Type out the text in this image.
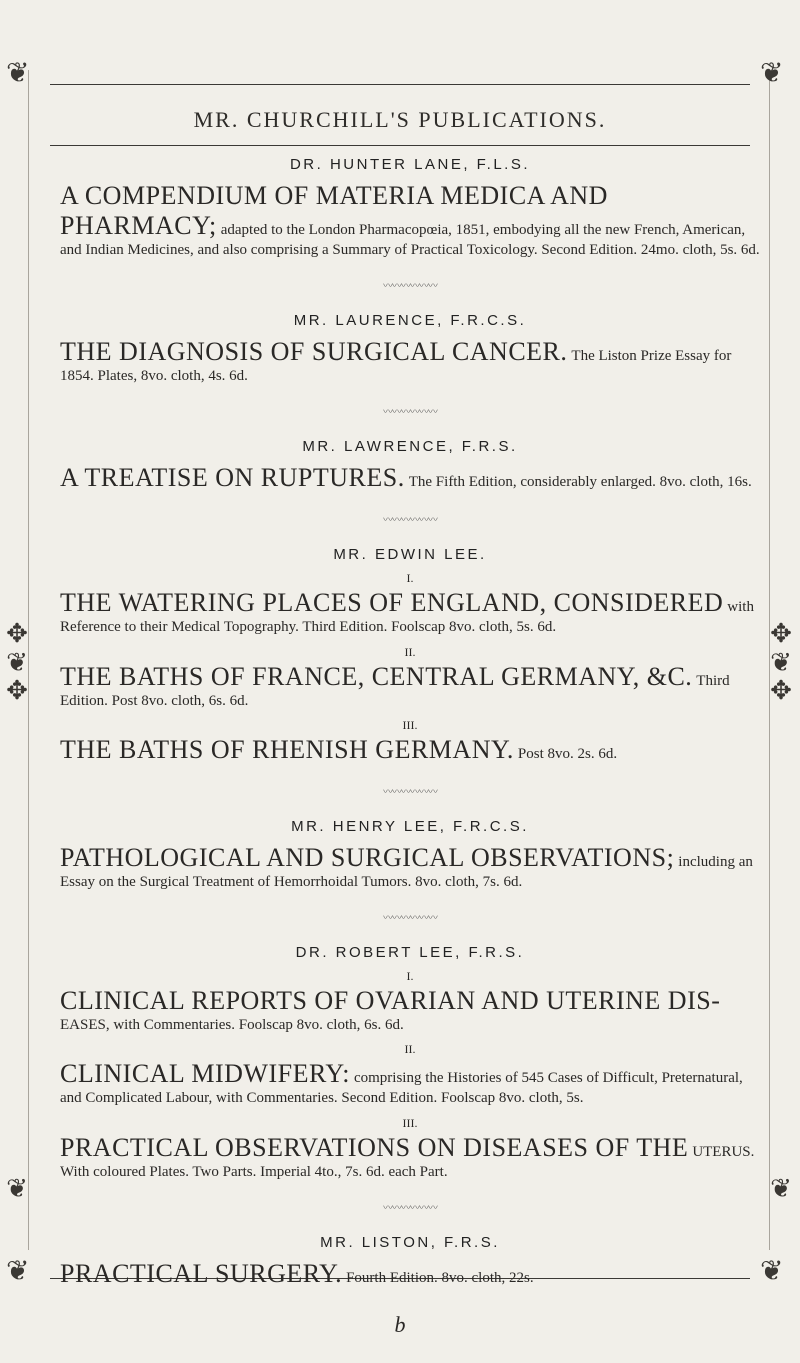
❦	❦
❦	❦
✥
❦
✥
✥
❦
✥
❦	❦
MR. CHURCHILL'S PUBLICATIONS.
DR. HUNTER LANE, F.L.S.
A COMPENDIUM OF MATERIA MEDICA AND PHARMACY; adapted to the London Pharmacopœia, 1851, embodying all the new French, American, and Indian Medicines, and also comprising a Summary of Practical Toxicology. Second Edition. 24mo. cloth, 5s. 6d.
〰〰〰〰〰〰
MR. LAURENCE, F.R.C.S.
THE DIAGNOSIS OF SURGICAL CANCER. The Liston Prize Essay for 1854. Plates, 8vo. cloth, 4s. 6d.
〰〰〰〰〰〰
MR. LAWRENCE, F.R.S.
A TREATISE ON RUPTURES. The Fifth Edition, considerably enlarged. 8vo. cloth, 16s.
〰〰〰〰〰〰
MR. EDWIN LEE.
I.
THE WATERING PLACES OF ENGLAND, CONSIDERED with Reference to their Medical Topography. Third Edition. Foolscap 8vo. cloth, 5s. 6d.
II.
THE BATHS OF FRANCE, CENTRAL GERMANY, &C. Third Edition. Post 8vo. cloth, 6s. 6d.
III.
THE BATHS OF RHENISH GERMANY. Post 8vo. 2s. 6d.
〰〰〰〰〰〰
MR. HENRY LEE, F.R.C.S.
PATHOLOGICAL AND SURGICAL OBSERVATIONS; including an Essay on the Surgical Treatment of Hemorrhoidal Tumors. 8vo. cloth, 7s. 6d.
〰〰〰〰〰〰
DR. ROBERT LEE, F.R.S.
I.
CLINICAL REPORTS OF OVARIAN AND UTERINE DIS- EASES, with Commentaries. Foolscap 8vo. cloth, 6s. 6d.
II.
CLINICAL MIDWIFERY: comprising the Histories of 545 Cases of Difficult, Preternatural, and Complicated Labour, with Commentaries. Second Edition. Foolscap 8vo. cloth, 5s.
III.
PRACTICAL OBSERVATIONS ON DISEASES OF THE UTERUS. With coloured Plates. Two Parts. Imperial 4to., 7s. 6d. each Part.
〰〰〰〰〰〰
MR. LISTON, F.R.S.
PRACTICAL SURGERY. Fourth Edition. 8vo. cloth, 22s.
b
